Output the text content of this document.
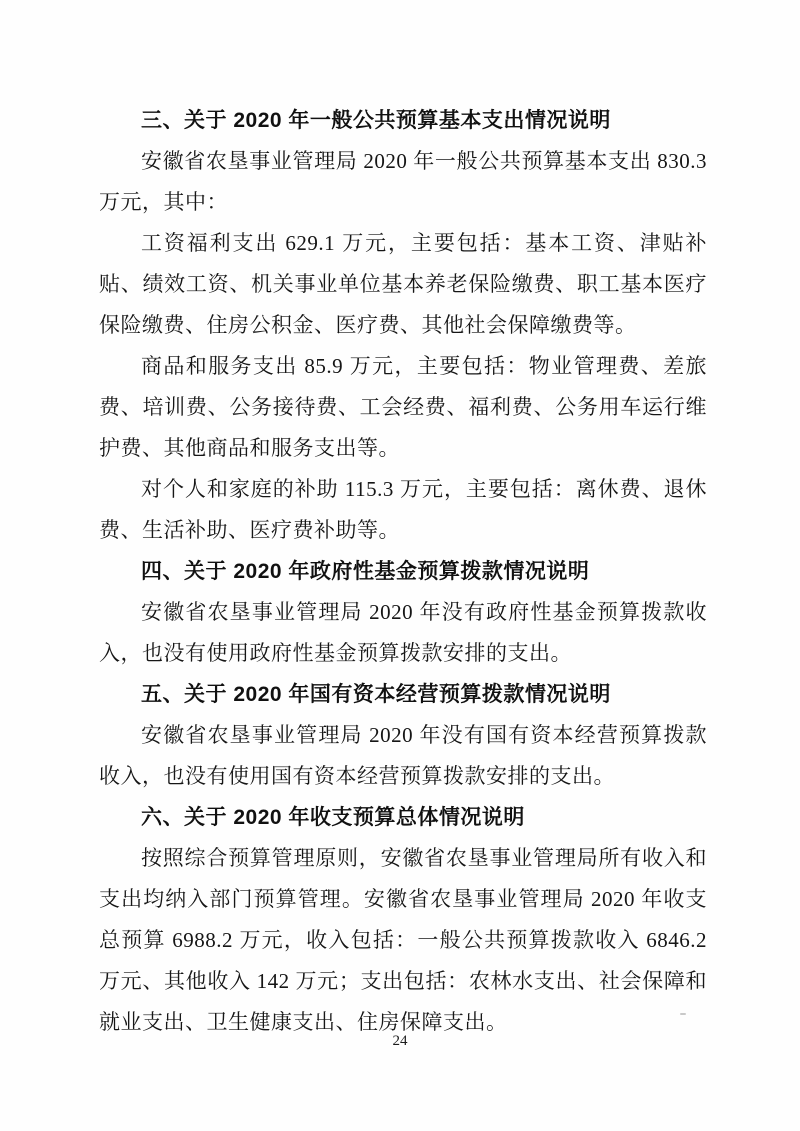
三、关于 2020 年一般公共预算基本支出情况说明

安徽省农垦事业管理局 2020 年一般公共预算基本支出 830.3 万元，其中：

工资福利支出 629.1 万元，主要包括：基本工资、津贴补贴、绩效工资、机关事业单位基本养老保险缴费、职工基本医疗保险缴费、住房公积金、医疗费、其他社会保障缴费等。

商品和服务支出 85.9 万元，主要包括：物业管理费、差旅费、培训费、公务接待费、工会经费、福利费、公务用车运行维护费、其他商品和服务支出等。

对个人和家庭的补助 115.3 万元，主要包括：离休费、退休费、生活补助、医疗费补助等。

四、关于 2020 年政府性基金预算拨款情况说明

安徽省农垦事业管理局 2020 年没有政府性基金预算拨款收入，也没有使用政府性基金预算拨款安排的支出。

五、关于 2020 年国有资本经营预算拨款情况说明

安徽省农垦事业管理局 2020 年没有国有资本经营预算拨款收入，也没有使用国有资本经营预算拨款安排的支出。

六、关于 2020 年收支预算总体情况说明

按照综合预算管理原则，安徽省农垦事业管理局所有收入和支出均纳入部门预算管理。安徽省农垦事业管理局 2020 年收支总预算 6988.2 万元，收入包括：一般公共预算拨款收入 6846.2 万元、其他收入 142 万元；支出包括：农林水支出、社会保障和就业支出、卫生健康支出、住房保障支出。

24
